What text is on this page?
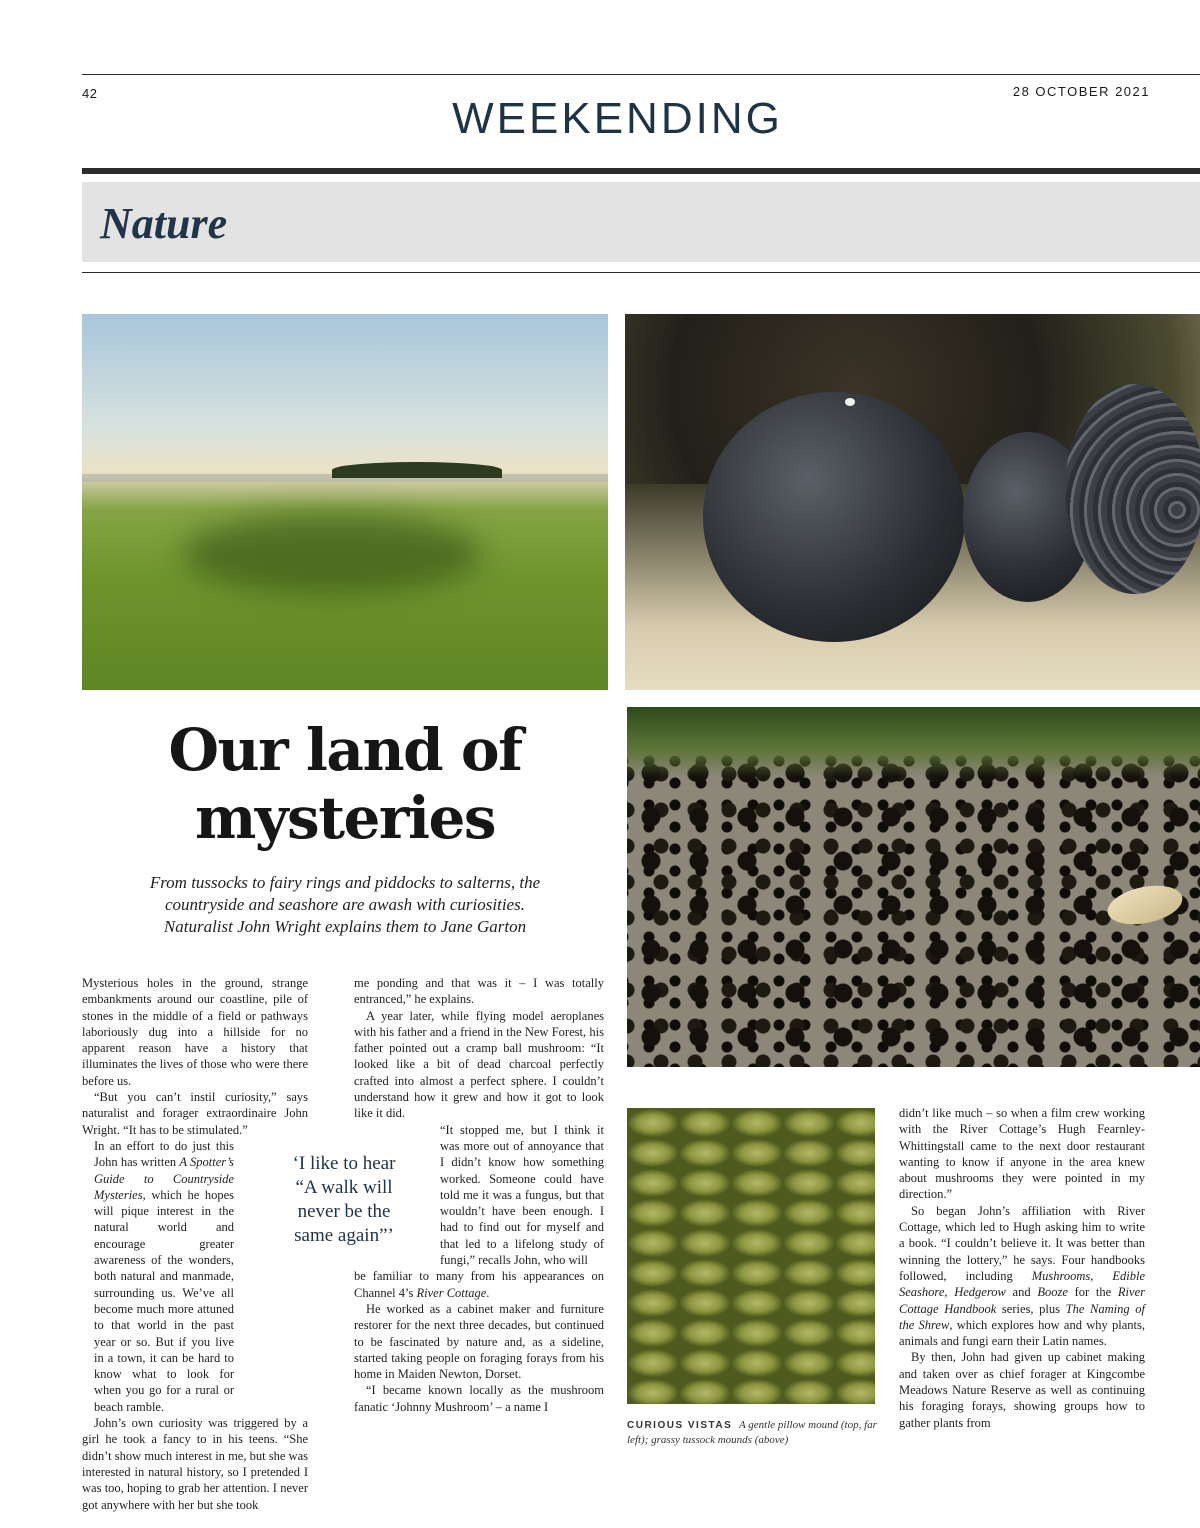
42	28 OCTOBER 2021
WEEKENDING
Nature
Our land of
mysteries
From tussocks to fairy rings and piddocks to salterns, the
countryside and seashore are awash with curiosities.
Naturalist John Wright explains them to Jane Garton

Mysterious holes in the ground, strange embankments around our coastline, pile of stones in the middle of a field or pathways laboriously dug into a hillside for no apparent reason have a history that illuminates the lives of those who were there before us.

“But you can’t instil curiosity,” says naturalist and forager extraordinaire John Wright. “It has to be stimulated.”

In an effort to do just this John has written A Spotter’s Guide to Countryside Mysteries, which he hopes will pique interest in the natural world and encourage greater awareness of the wonders, both natural and manmade, surrounding us. We’ve all become much more attuned to that world in the past year or so. But if you live in a town, it can be hard to know what to look for when you go for a rural or beach ramble.

John’s own curiosity was triggered by a girl he took a fancy to in his teens. “She didn’t show much interest in me, but she was interested in natural history, so I pretended I was too, hoping to grab her attention. I never got anywhere with her but she took

‘I like to hear “A walk will never be the same again”’

me ponding and that was it – I was totally entranced,” he explains.

A year later, while flying model aeroplanes with his father and a friend in the New Forest, his father pointed out a cramp ball mushroom: “It looked like a bit of dead charcoal perfectly crafted into almost a perfect sphere. I couldn’t understand how it grew and how it got to look like it did.

“It stopped me, but I think it was more out of annoyance that I didn’t know how something worked. Someone could have told me it was a fungus, but that wouldn’t have been enough. I had to find out for myself and that led to a lifelong study of fungi,” recalls John, who will

be familiar to many from his appearances on Channel 4’s River Cottage.

He worked as a cabinet maker and furniture restorer for the next three decades, but continued to be fascinated by nature and, as a sideline, started taking people on foraging forays from his home in Maiden Newton, Dorset.

“I became known locally as the mushroom fanatic ‘Johnny Mushroom’ – a name I

CURIOUS VISTAS A gentle pillow mound (top, far left); grassy tussock mounds (above)

didn’t like much – so when a film crew working with the River Cottage’s Hugh Fearnley-Whittingstall came to the next door restaurant wanting to know if anyone in the area knew about mushrooms they were pointed in my direction.”

So began John’s affiliation with River Cottage, which led to Hugh asking him to write a book. “I couldn’t believe it. It was better than winning the lottery,” he says. Four handbooks followed, including Mushrooms, Edible Seashore, Hedgerow and Booze for the River Cottage Handbook series, plus The Naming of the Shrew, which explores how and why plants, animals and fungi earn their Latin names.

By then, John had given up cabinet making and taken over as chief forager at Kingcombe Meadows Nature Reserve as well as continuing his foraging forays, showing groups how to gather plants from
